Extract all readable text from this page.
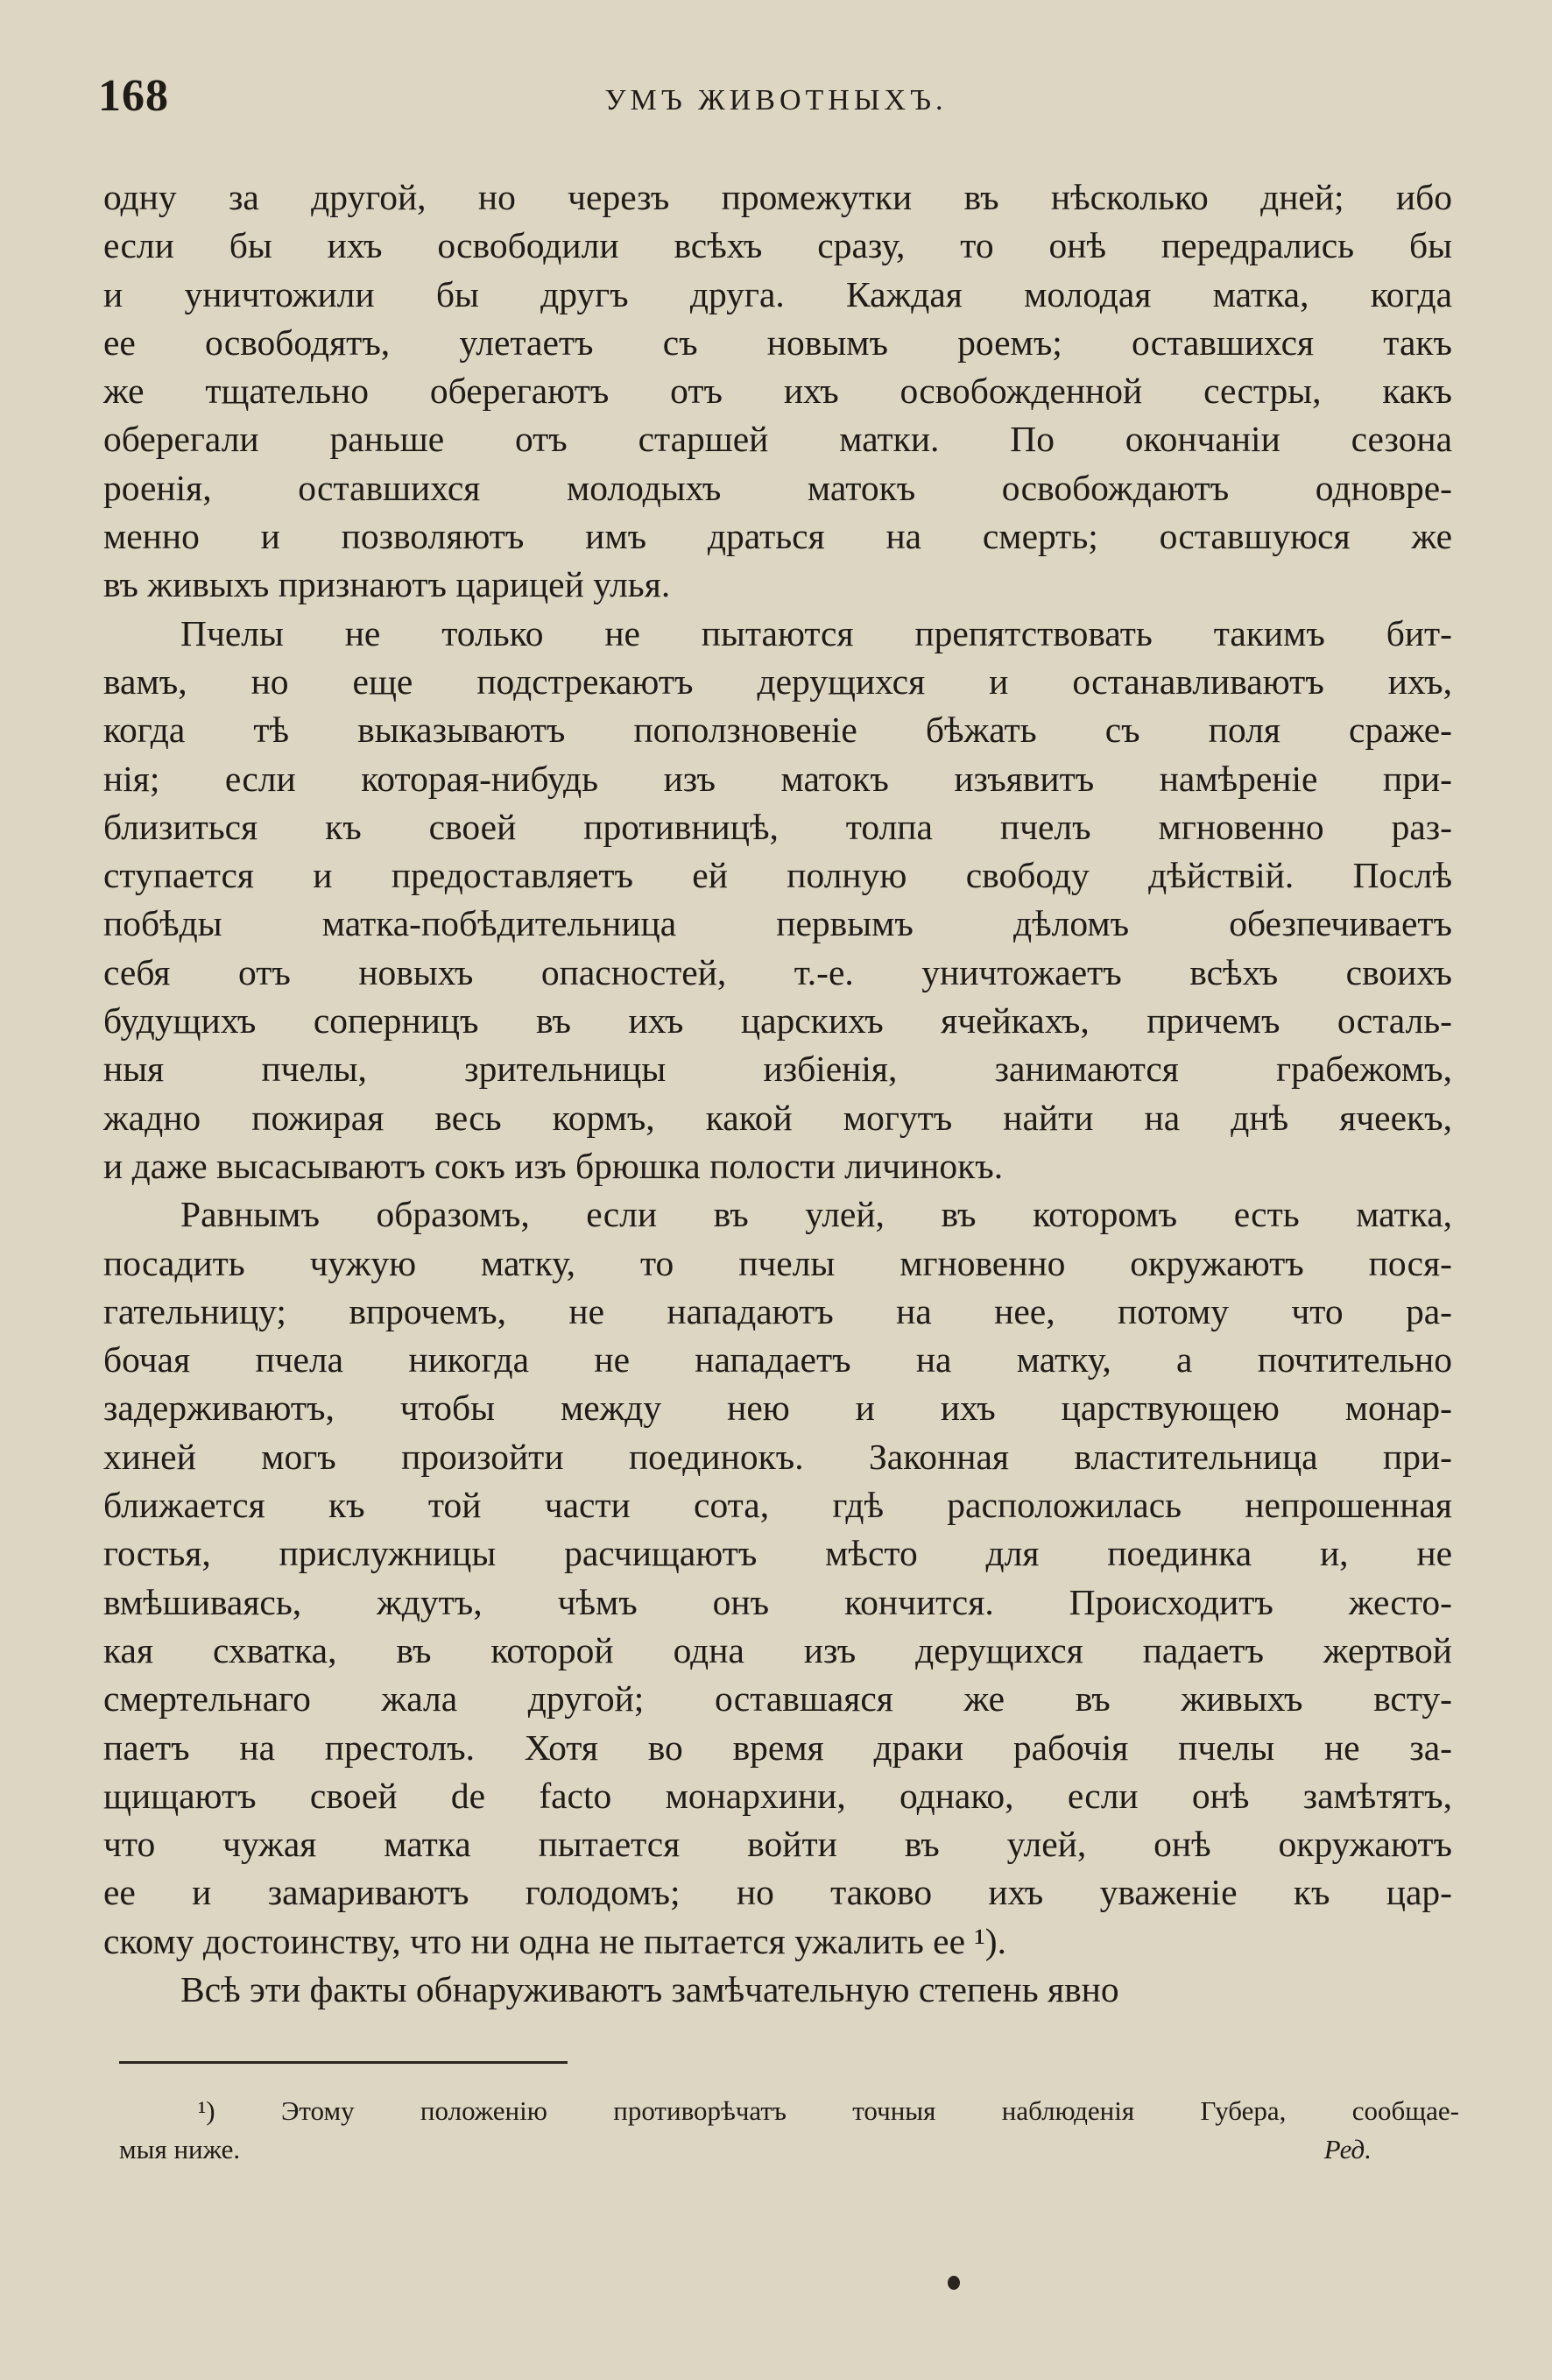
168	УМЪ ЖИВОТНЫХЪ.
одну за другой, но черезъ промежутки въ нѣсколько дней; ибо
если бы ихъ освободили всѣхъ сразу, то онѣ передрались бы
и уничтожили бы другъ друга. Каждая молодая матка, когда
ее освободятъ, улетаетъ съ новымъ роемъ; оставшихся такъ
же тщательно оберегаютъ отъ ихъ освобожденной сестры, какъ
оберегали раньше отъ старшей матки. По окончаніи сезона
роенія, оставшихся молодыхъ матокъ освобождаютъ одновре-
менно и позволяютъ имъ драться на смерть; оставшуюся же
въ живыхъ признаютъ царицей улья.
Пчелы не только не пытаются препятствовать такимъ бит-
вамъ, но еще подстрекаютъ дерущихся и останавливаютъ ихъ,
когда тѣ выказываютъ поползновеніе бѣжать съ поля сраже-
нія; если которая-нибудь изъ матокъ изъявитъ намѣреніе при-
близиться къ своей противницѣ, толпа пчелъ мгновенно раз-
ступается и предоставляетъ ей полную свободу дѣйствій. Послѣ
побѣды матка-побѣдительница первымъ дѣломъ обезпечиваетъ
себя отъ новыхъ опасностей, т.-е. уничтожаетъ всѣхъ своихъ
будущихъ соперницъ въ ихъ царскихъ ячейкахъ, причемъ осталь-
ныя пчелы, зрительницы избіенія, занимаются грабежомъ,
жадно пожирая весь кормъ, какой могутъ найти на днѣ ячеекъ,
и даже высасываютъ сокъ изъ брюшка полости личинокъ.
Равнымъ образомъ, если въ улей, въ которомъ есть матка,
посадить чужую матку, то пчелы мгновенно окружаютъ пося-
гательницу; впрочемъ, не нападаютъ на нее, потому что ра-
бочая пчела никогда не нападаетъ на матку, а почтительно
задерживаютъ, чтобы между нею и ихъ царствующею монар-
хиней могъ произойти поединокъ. Законная властительница при-
ближается къ той части сота, гдѣ расположилась непрошенная
гостья, прислужницы расчищаютъ мѣсто для поединка и, не
вмѣшиваясь, ждутъ, чѣмъ онъ кончится. Происходитъ жесто-
кая схватка, въ которой одна изъ дерущихся падаетъ жертвой
смертельнаго жала другой; оставшаяся же въ живыхъ всту-
паетъ на престолъ. Хотя во время драки рабочія пчелы не за-
щищаютъ своей de facto монархини, однако, если онѣ замѣтятъ,
что чужая матка пытается войти въ улей, онѣ окружаютъ
ее и замариваютъ голодомъ; но таково ихъ уваженіе къ цар-
скому достоинству, что ни одна не пытается ужалить ее ¹).
Всѣ эти факты обнаруживаютъ замѣчательную степень явно
¹) Этому положенію противорѣчатъ точныя наблюденія Губера, сообщае-
мыя ниже.	Ред.
